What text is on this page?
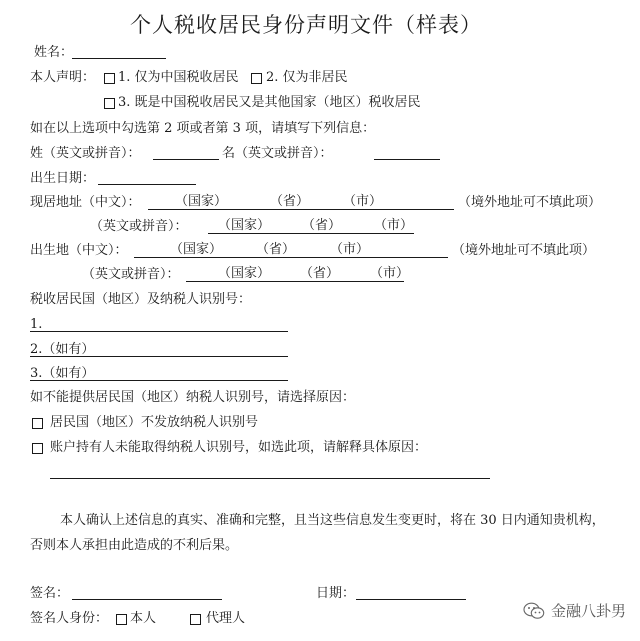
个人税收居民身份声明文件（样表）
姓名：
本人声明： 1. 仅为中国税收居民 2. 仅为非居民
3. 既是中国税收居民又是其他国家（地区）税收居民
如在以上选项中勾选第 2 项或者第 3 项，请填写下列信息：
姓（英文或拼音）：	名（英文或拼音）：
出生日期：
现居地址（中文）：	（国家）	（省）	（市）	（境外地址可不填此项）
（英文或拼音）： （国家） （省）	（市）
出生地（中文）：	（国家）	（省）	（市）	（境外地址可不填此项）
（英文或拼音）：	（国家） （省） （市）
税收居民国（地区）及纳税人识别号：
1.
2.（如有）
3.（如有）
如不能提供居民国（地区）纳税人识别号，请选择原因：
居民国（地区）不发放纳税人识别号
账户持有人未能取得纳税人识别号，如选此项，请解释具体原因：
本人确认上述信息的真实、准确和完整，且当这些信息发生变更时，将在 30 日内通知贵机构，
否则本人承担由此造成的不利后果。
签名：	日期：
签名人身份： 本人	代理人	金融八卦男
